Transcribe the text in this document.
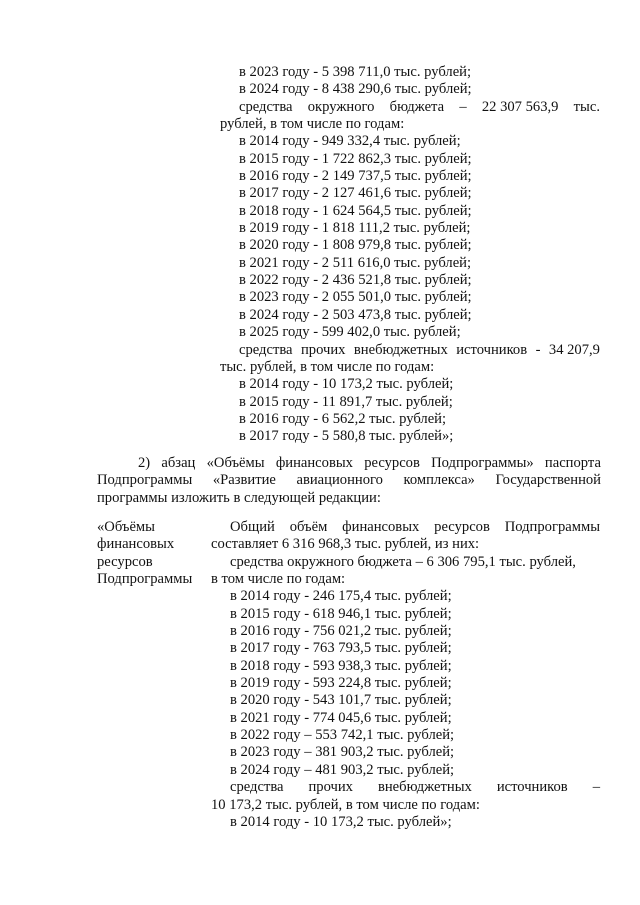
в 2023 году - 5 398 711,0 тыс. рублей;
в 2024 году - 8 438 290,6 тыс. рублей;
средства окружного бюджета – 22 307 563,9 тыс.
рублей, в том числе по годам:
в 2014 году - 949 332,4 тыс. рублей;
в 2015 году - 1 722 862,3 тыс. рублей;
в 2016 году - 2 149 737,5 тыс. рублей;
в 2017 году - 2 127 461,6 тыс. рублей;
в 2018 году - 1 624 564,5 тыс. рублей;
в 2019 году - 1 818 111,2 тыс. рублей;
в 2020 году - 1 808 979,8 тыс. рублей;
в 2021 году - 2 511 616,0 тыс. рублей;
в 2022 году - 2 436 521,8 тыс. рублей;
в 2023 году - 2 055 501,0 тыс. рублей;
в 2024 году - 2 503 473,8 тыс. рублей;
в 2025 году - 599 402,0 тыс. рублей;
средства прочих внебюджетных источников - 34 207,9
тыс. рублей, в том числе по годам:
в 2014 году - 10 173,2 тыс. рублей;
в 2015 году - 11 891,7 тыс. рублей;
в 2016 году - 6 562,2 тыс. рублей;
в 2017 году - 5 580,8 тыс. рублей»;
2) абзац «Объёмы финансовых ресурсов Подпрограммы» паспорта
Подпрограммы «Развитие авиационного комплекса» Государственной
программы изложить в следующей редакции:
«Объёмы
финансовых
ресурсов
Подпрограммы
Общий объём финансовых ресурсов Подпрограммы
составляет 6 316 968,3 тыс. рублей, из них:
средства окружного бюджета – 6 306 795,1 тыс. рублей,
в том числе по годам:
в 2014 году - 246 175,4 тыс. рублей;
в 2015 году - 618 946,1 тыс. рублей;
в 2016 году - 756 021,2 тыс. рублей;
в 2017 году - 763 793,5 тыс. рублей;
в 2018 году - 593 938,3 тыс. рублей;
в 2019 году - 593 224,8 тыс. рублей;
в 2020 году - 543 101,7 тыс. рублей;
в 2021 году - 774 045,6 тыс. рублей;
в 2022 году – 553 742,1 тыс. рублей;
в 2023 году – 381 903,2 тыс. рублей;
в 2024 году – 481 903,2 тыс. рублей;
средства прочих внебюджетных источников –
10 173,2 тыс. рублей, в том числе по годам:
в 2014 году - 10 173,2 тыс. рублей»;
